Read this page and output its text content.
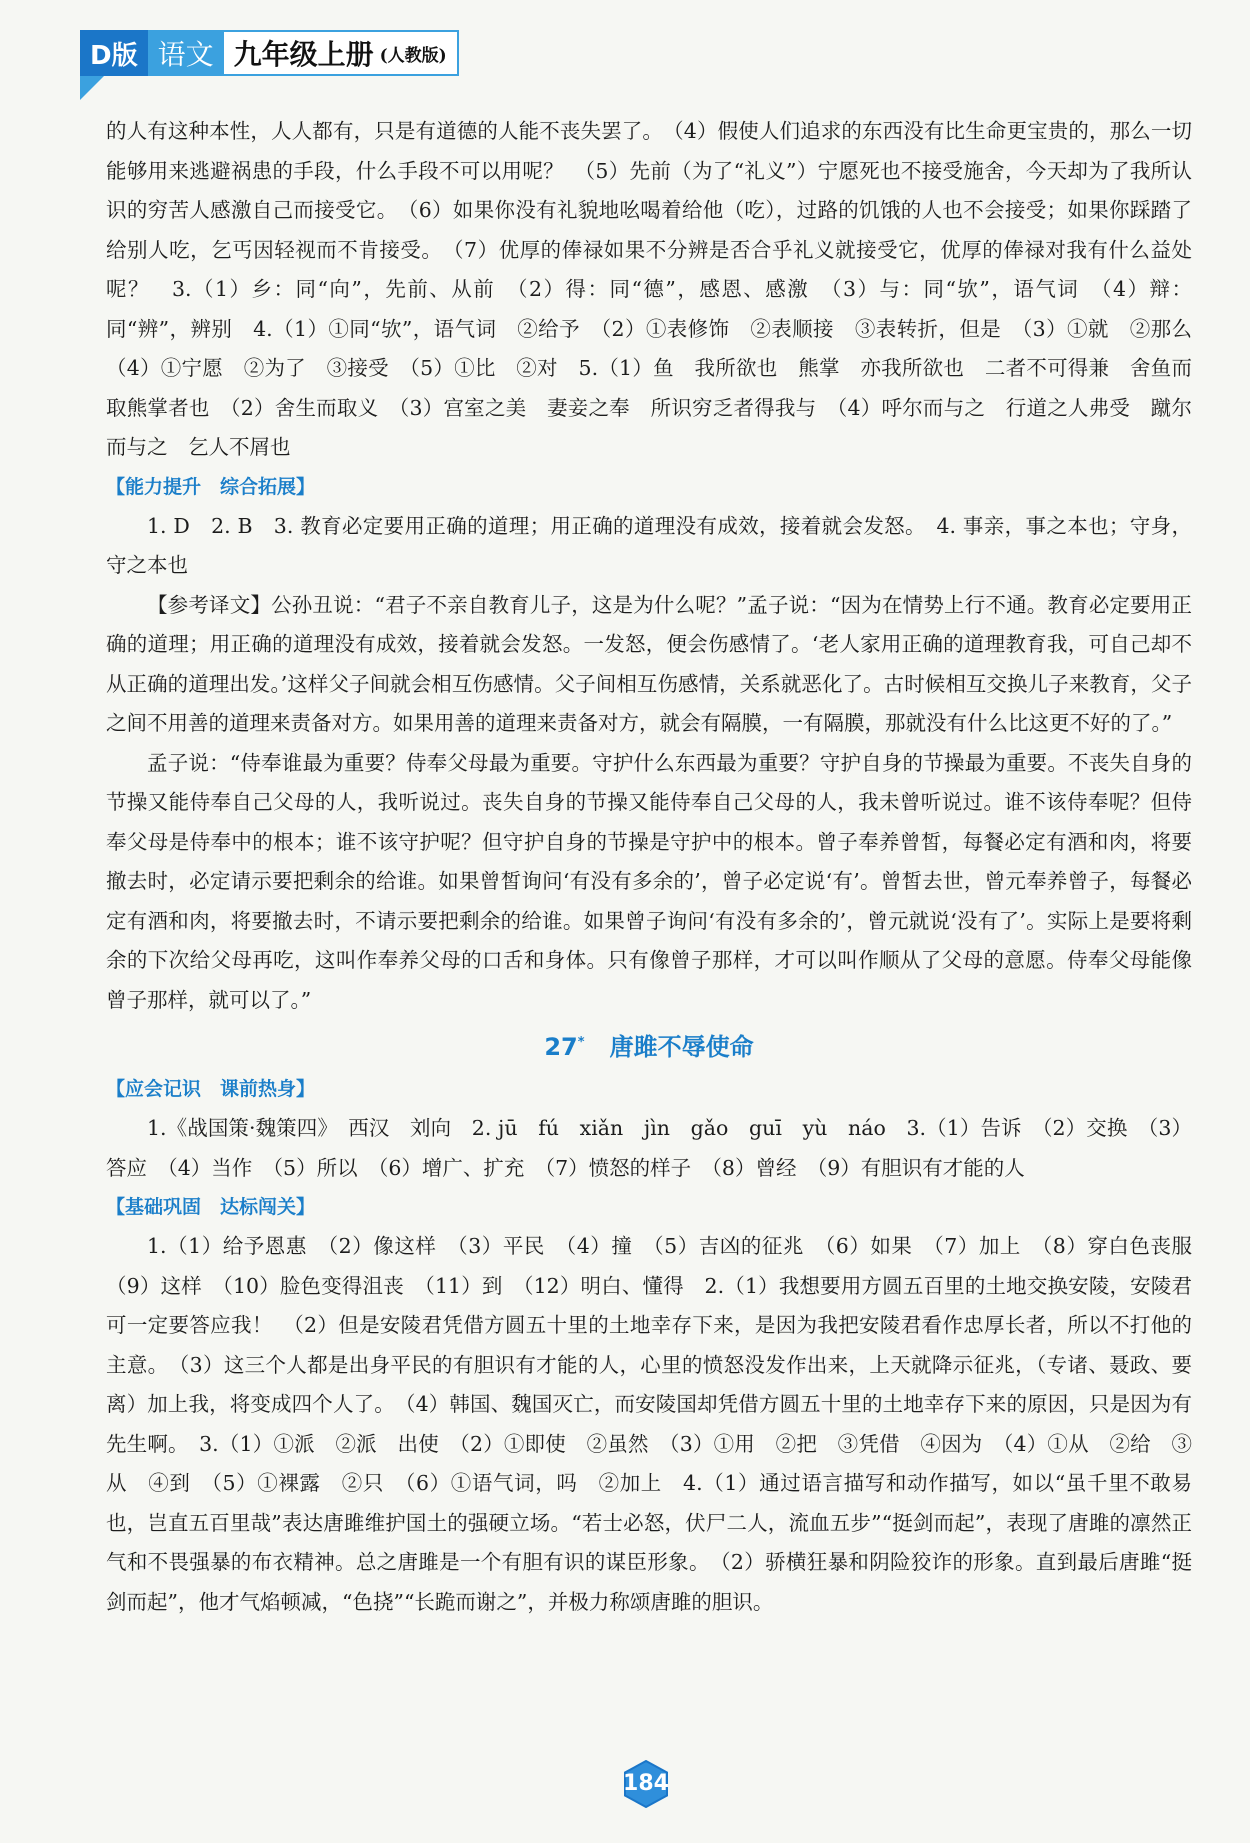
D版 语文 九年级上册 (人教版)

的人有这种本性，人人都有，只是有道德的人能不丧失罢了。　（4）假使人们追求的东西没有比生命更宝贵的，那么一切能够用来逃避祸患的手段，什么手段不可以用呢？　（5）先前（为了“礼义”）宁愿死也不接受施舍，今天却为了我所认识的穷苦人感激自己而接受它。　（6）如果你没有礼貌地吆喝着给他（吃），过路的饥饿的人也不会接受；如果你踩踏了给别人吃，乞丐因轻视而不肯接受。　（7）优厚的俸禄如果不分辨是否合乎礼义就接受它，优厚的俸禄对我有什么益处呢？　3.（1）乡：同“向”，先前、从前　（2）得：同“德”，感恩、感激　（3）与：同“欤”，语气词　（4）辩：同“辨”，辨别　4.（1）①同“欤”，语气词　②给予　（2）①表修饰　②表顺接　③表转折，但是　（3）①就　②那么　（4）①宁愿　②为了　③接受　（5）①比　②对　5.（1）鱼　我所欲也　熊掌　亦我所欲也　二者不可得兼　舍鱼而取熊掌者也　（2）舍生而取义　（3）宫室之美　妻妾之奉　所识穷乏者得我与　（4）呼尔而与之　行道之人弗受　蹴尔而与之　乞人不屑也

【能力提升　综合拓展】

1. D　2. B　3. 教育必定要用正确的道理；用正确的道理没有成效，接着就会发怒。　4. 事亲，事之本也；守身，守之本也

【参考译文】公孙丑说：“君子不亲自教育儿子，这是为什么呢？”孟子说：“因为在情势上行不通。教育必定要用正确的道理；用正确的道理没有成效，接着就会发怒。一发怒，便会伤感情了。‘老人家用正确的道理教育我，可自己却不从正确的道理出发。’这样父子间就会相互伤感情。父子间相互伤感情，关系就恶化了。古时候相互交换儿子来教育，父子之间不用善的道理来责备对方。如果用善的道理来责备对方，就会有隔膜，一有隔膜，那就没有什么比这更不好的了。”

孟子说：“侍奉谁最为重要？侍奉父母最为重要。守护什么东西最为重要？守护自身的节操最为重要。不丧失自身的节操又能侍奉自己父母的人，我听说过。丧失自身的节操又能侍奉自己父母的人，我未曾听说过。谁不该侍奉呢？但侍奉父母是侍奉中的根本；谁不该守护呢？但守护自身的节操是守护中的根本。曾子奉养曾皙，每餐必定有酒和肉，将要撤去时，必定请示要把剩余的给谁。如果曾皙询问‘有没有多余的’，曾子必定说‘有’。曾皙去世，曾元奉养曾子，每餐必定有酒和肉，将要撤去时，不请示要把剩余的给谁。如果曾子询问‘有没有多余的’，曾元就说‘没有了’。实际上是要将剩余的下次给父母再吃，这叫作奉养父母的口舌和身体。只有像曾子那样，才可以叫作顺从了父母的意愿。侍奉父母能像曾子那样，就可以了。”

27* 唐雎不辱使命
【应会记识　课前热身】

1.《战国策·魏策四》　西汉　刘向　2. jū　fú　xiǎn　jìn　gǎo　guī　yù　náo　3.（1）告诉　（2）交换　（3）答应　（4）当作　（5）所以　（6）增广、扩充　（7）愤怒的样子　（8）曾经　（9）有胆识有才能的人

【基础巩固　达标闯关】

1.（1）给予恩惠　（2）像这样　（3）平民　（4）撞　（5）吉凶的征兆　（6）如果　（7）加上　（8）穿白色丧服　（9）这样　（10）脸色变得沮丧　（11）到　（12）明白、懂得　2.（1）我想要用方圆五百里的土地交换安陵，安陵君可一定要答应我！　（2）但是安陵君凭借方圆五十里的土地幸存下来，是因为我把安陵君看作忠厚长者，所以不打他的主意。　（3）这三个人都是出身平民的有胆识有才能的人，心里的愤怒没发作出来，上天就降示征兆，（专诸、聂政、要离）加上我，将变成四个人了。　（4）韩国、魏国灭亡，而安陵国却凭借方圆五十里的土地幸存下来的原因，只是因为有先生啊。　3.（1）①派　②派　出使　（2）①即使　②虽然　（3）①用　②把　③凭借　④因为　（4）①从　②给　③从　④到　（5）①裸露　②只　（6）①语气词，吗　②加上　4.（1）通过语言描写和动作描写，如以“虽千里不敢易也，岂直五百里哉”表达唐雎维护国土的强硬立场。“若士必怒，伏尸二人，流血五步”“挺剑而起”，表现了唐雎的凛然正气和不畏强暴的布衣精神。总之唐雎是一个有胆有识的谋臣形象。　（2）骄横狂暴和阴险狡诈的形象。直到最后唐雎“挺剑而起”，他才气焰顿减，“色挠”“长跪而谢之”，并极力称颂唐雎的胆识。

184
